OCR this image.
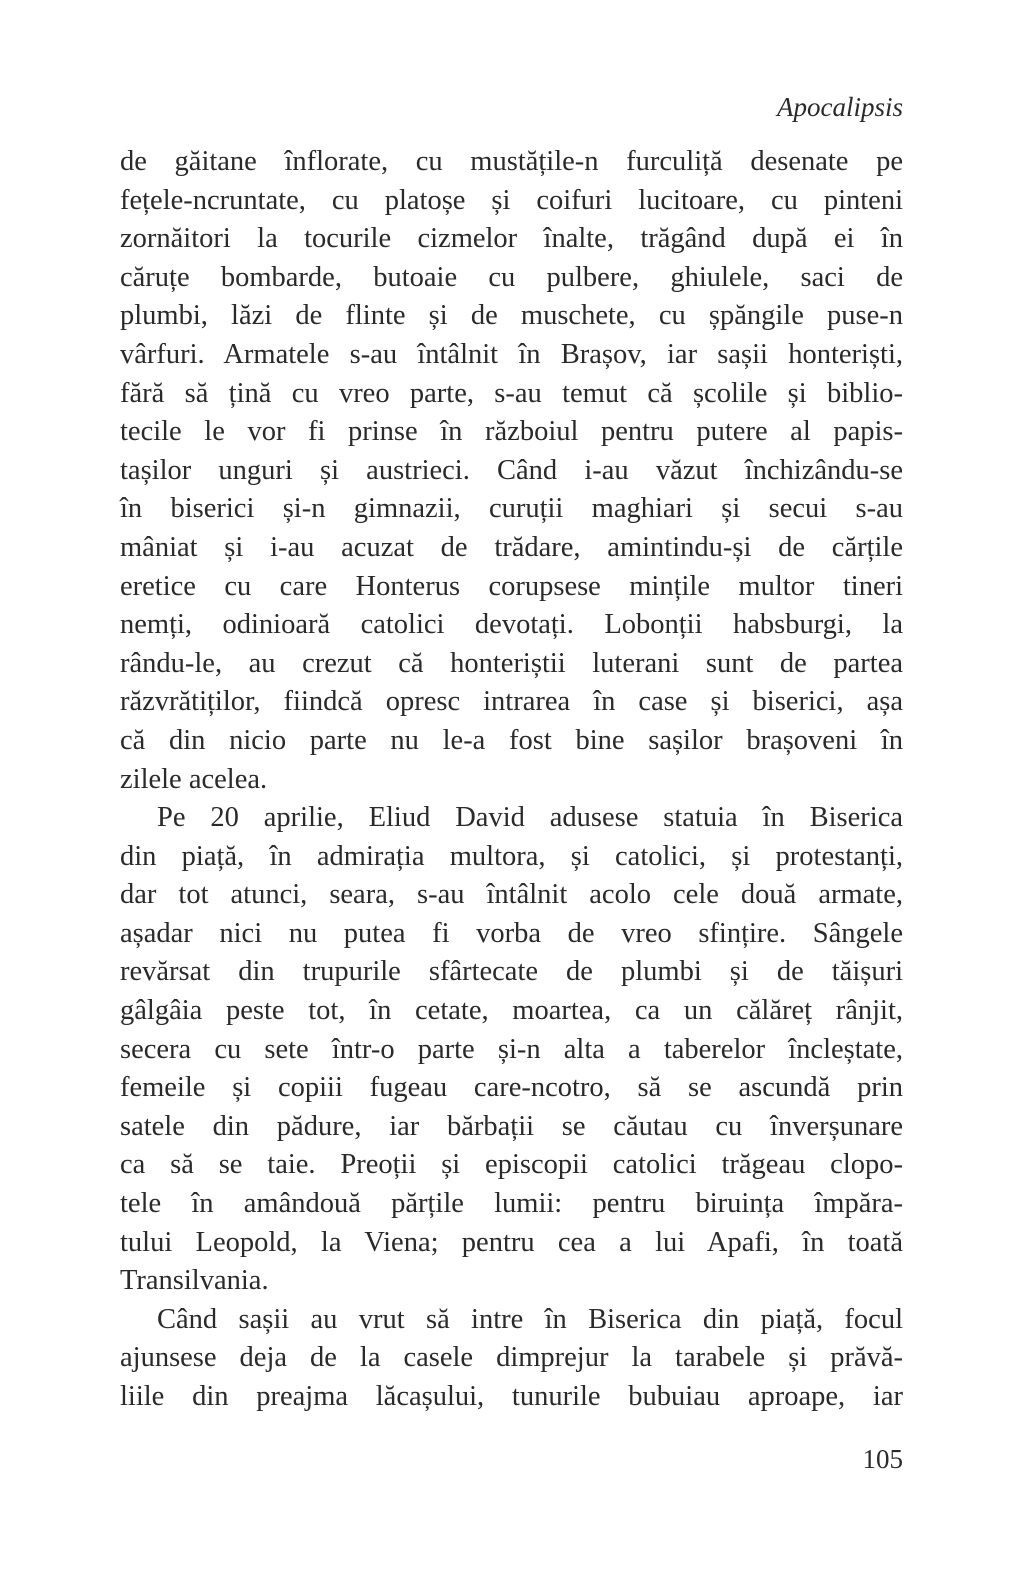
Apocalipsis
de găitane înflorate, cu mustățile-n furculiță desenate pe
fețele-ncruntate, cu platoșe și coifuri lucitoare, cu pinteni
zornăitori la tocurile cizmelor înalte, trăgând după ei în
căruțe bombarde, butoaie cu pulbere, ghiulele, saci de
plumbi, lăzi de flinte și de muschete, cu șpăngile puse-n
vârfuri. Armatele s-au întâlnit în Brașov, iar sașii honteriști,
fără să țină cu vreo parte, s-au temut că școlile și biblio-
tecile le vor fi prinse în războiul pentru putere al papis-
tașilor unguri și austrieci. Când i-au văzut închizându-se
în biserici și-n gimnazii, curuții maghiari și secui s-au
mâniat și i-au acuzat de trădare, amintindu-și de cărțile
eretice cu care Honterus corupsese mințile multor tineri
nemți, odinioară catolici devotați. Lobonții habsburgi, la
rându-le, au crezut că honteriștii luterani sunt de partea
răzvrătiților, fiindcă opresc intrarea în case și biserici, așa
că din nicio parte nu le-a fost bine sașilor brașoveni în
zilele acelea.
Pe 20 aprilie, Eliud David adusese statuia în Biserica
din piață, în admirația multora, și catolici, și protestanți,
dar tot atunci, seara, s-au întâlnit acolo cele două armate,
așadar nici nu putea fi vorba de vreo sfințire. Sângele
revărsat din trupurile sfârtecate de plumbi și de tăișuri
gâlgâia peste tot, în cetate, moartea, ca un călăreț rânjit,
secera cu sete într-o parte și-n alta a taberelor încleștate,
femeile și copiii fugeau care-ncotro, să se ascundă prin
satele din pădure, iar bărbații se căutau cu înverșunare
ca să se taie. Preoții și episcopii catolici trăgeau clopo-
tele în amândouă părțile lumii: pentru biruința împăra-
tului Leopold, la Viena; pentru cea a lui Apafi, în toată
Transilvania.
Când sașii au vrut să intre în Biserica din piață, focul
ajunsese deja de la casele dimprejur la tarabele și prăvă-
liile din preajma lăcașului, tunurile bubuiau aproape, iar
105
